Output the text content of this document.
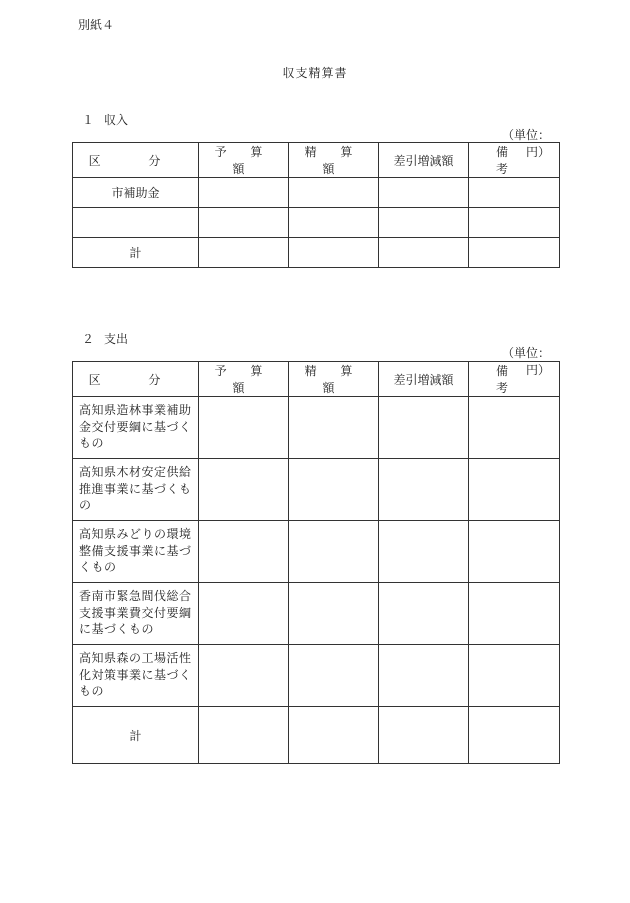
別紙４
収支精算書
１ 収入
（単位：円）
区 分	予 算 額	精 算 額	差引増減額	備 考
市補助金				

計				
２ 支出
（単位：円）
区 分	予 算 額	精 算 額	差引増減額	備 考
高知県造林事業補助金交付要綱に基づくもの				
高知県木材安定供給推進事業に基づくもの				
高知県みどりの環境整備支援事業に基づくもの				
香南市緊急間伐総合支援事業費交付要綱に基づくもの				
高知県森の工場活性化対策事業に基づくもの				
計				
